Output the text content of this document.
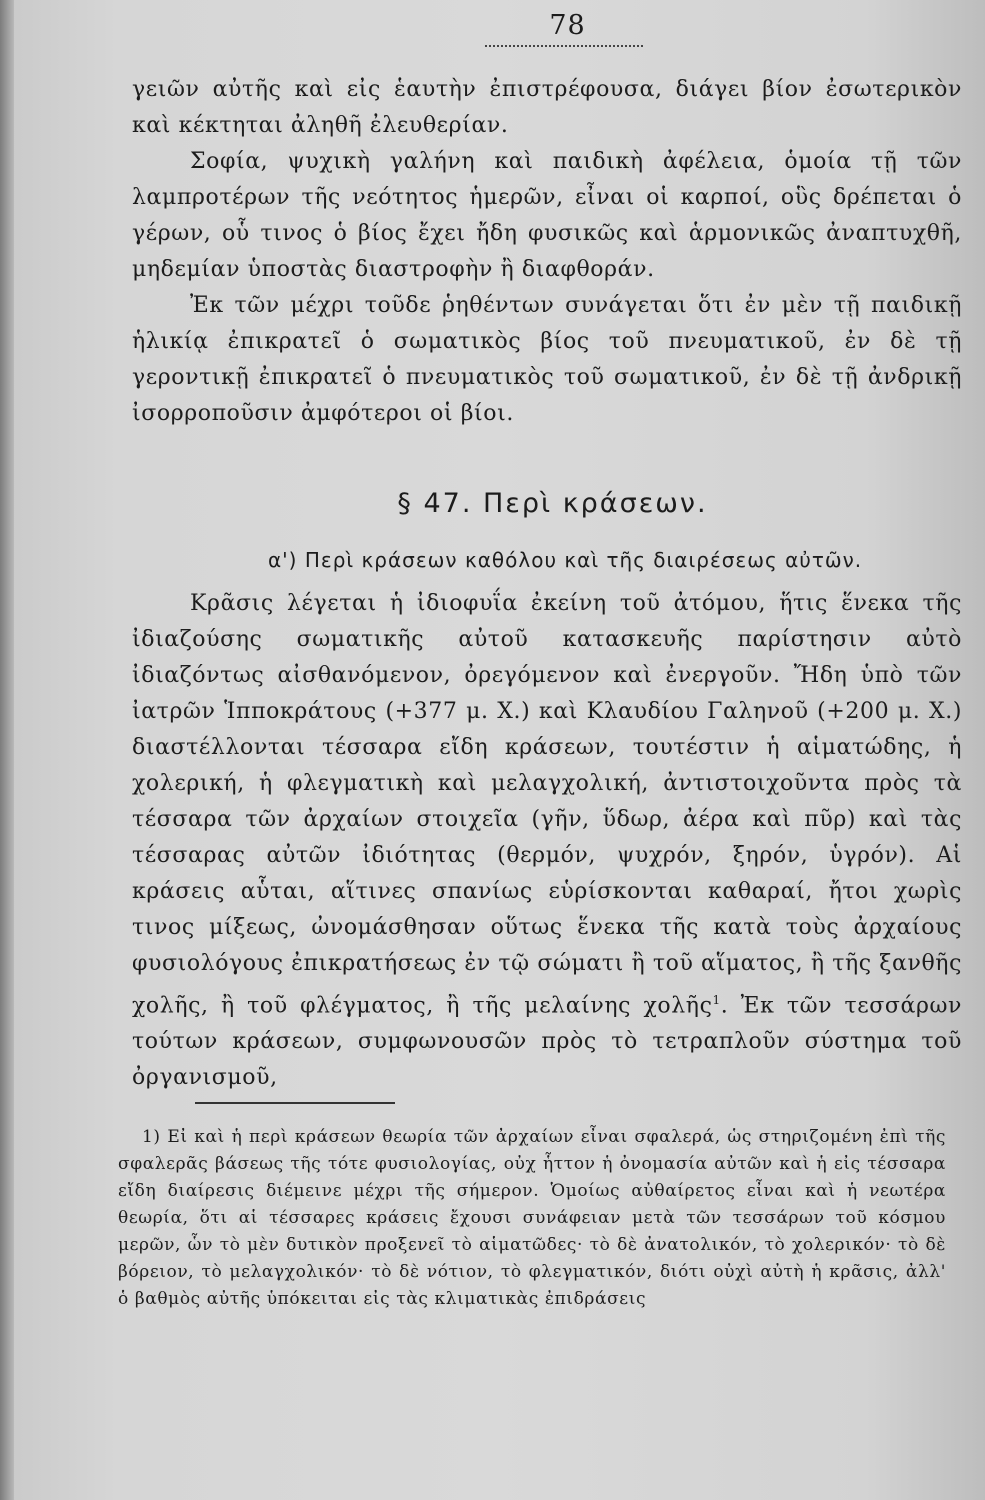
78

γειῶν αὐτῆς καὶ εἰς ἑαυτὴν ἐπιστρέφουσα, διάγει βίον ἐσωτερικὸν καὶ κέκτηται ἀληθῆ ἐλευθερίαν.

Σοφία, ψυχικὴ γαλήνη καὶ παιδικὴ ἀφέλεια, ὁμοία τῇ τῶν λαμπροτέρων τῆς νεότητος ἡμερῶν, εἶναι οἱ καρποί, οὓς δρέπεται ὁ γέρων, οὗ τινος ὁ βίος ἔχει ἤδη φυσικῶς καὶ ἁρμονικῶς ἀναπτυχθῆ, μηδεμίαν ὑποστὰς διαστροφὴν ἢ διαφθοράν.

Ἐκ τῶν μέχρι τοῦδε ῥηθέντων συνάγεται ὅτι ἐν μὲν τῇ παιδικῇ ἡλικίᾳ ἐπικρατεῖ ὁ σωματικὸς βίος τοῦ πνευματικοῦ, ἐν δὲ τῇ γεροντικῇ ἐπικρατεῖ ὁ πνευματικὸς τοῦ σωματικοῦ, ἐν δὲ τῇ ἀνδρικῇ ἰσορροποῦσιν ἀμφότεροι οἱ βίοι.

§ 47. Περὶ κράσεων.
α') Περὶ κράσεων καθόλου καὶ τῆς διαιρέσεως αὐτῶν.

Κρᾶσις λέγεται ἡ ἰδιοφυΐα ἐκείνη τοῦ ἀτόμου, ἥτις ἕνεκα τῆς ἰδιαζούσης σωματικῆς αὐτοῦ κατασκευῆς παρίστησιν αὐτὸ ἰδιαζόντως αἰσθανόμενον, ὀρεγόμενον καὶ ἐνεργοῦν. Ἤδη ὑπὸ τῶν ἰατρῶν Ἱπποκράτους (+377 μ. Χ.) καὶ Κλαυδίου Γαληνοῦ (+200 μ. Χ.) διαστέλλονται τέσσαρα εἴδη κράσεων, τουτέστιν ἡ αἱματώδης, ἡ χολερική, ἡ φλεγματικὴ καὶ μελαγχολική, ἀντιστοιχοῦντα πρὸς τὰ τέσσαρα τῶν ἀρχαίων στοιχεῖα (γῆν, ὕδωρ, ἀέρα καὶ πῦρ) καὶ τὰς τέσσαρας αὐτῶν ἰδιότητας (θερμόν, ψυχρόν, ξηρόν, ὑγρόν). Αἱ κράσεις αὗται, αἵτινες σπανίως εὑρίσκονται καθαραί, ἤτοι χωρὶς τινος μίξεως, ὠνομάσθησαν οὕτως ἕνεκα τῆς κατὰ τοὺς ἀρχαίους φυσιολόγους ἐπικρατήσεως ἐν τῷ σώματι ἢ τοῦ αἵματος, ἢ τῆς ξανθῆς χολῆς, ἢ τοῦ φλέγματος, ἢ τῆς μελαίνης χολῆς$^1$. Ἐκ τῶν τεσσάρων τούτων κράσεων, συμφωνουσῶν πρὸς τὸ τετραπλοῦν σύστημα τοῦ ὀργανισμοῦ,

1) Εἰ καὶ ἡ περὶ κράσεων θεωρία τῶν ἀρχαίων εἶναι σφαλερά, ὡς στηριζομένη ἐπὶ τῆς σφαλερᾶς βάσεως τῆς τότε φυσιολογίας, οὐχ ἧττον ἡ ὀνομασία αὐτῶν καὶ ἡ εἰς τέσσαρα εἴδη διαίρεσις διέμεινε μέχρι τῆς σήμερον. Ὁμοίως αὐθαίρετος εἶναι καὶ ἡ νεωτέρα θεωρία, ὅτι αἱ τέσσαρες κράσεις ἔχουσι συνάφειαν μετὰ τῶν τεσσάρων τοῦ κόσμου μερῶν, ὧν τὸ μὲν δυτικὸν προξενεῖ τὸ αἱματῶδες· τὸ δὲ ἀνατολικόν, τὸ χολερικόν· τὸ δὲ βόρειον, τὸ μελαγχολικόν· τὸ δὲ νότιον, τὸ φλεγματικόν, διότι οὐχὶ αὐτὴ ἡ κρᾶσις, ἀλλ' ὁ βαθμὸς αὐτῆς ὑπόκειται εἰς τὰς κλιματικὰς ἐπιδράσεις
